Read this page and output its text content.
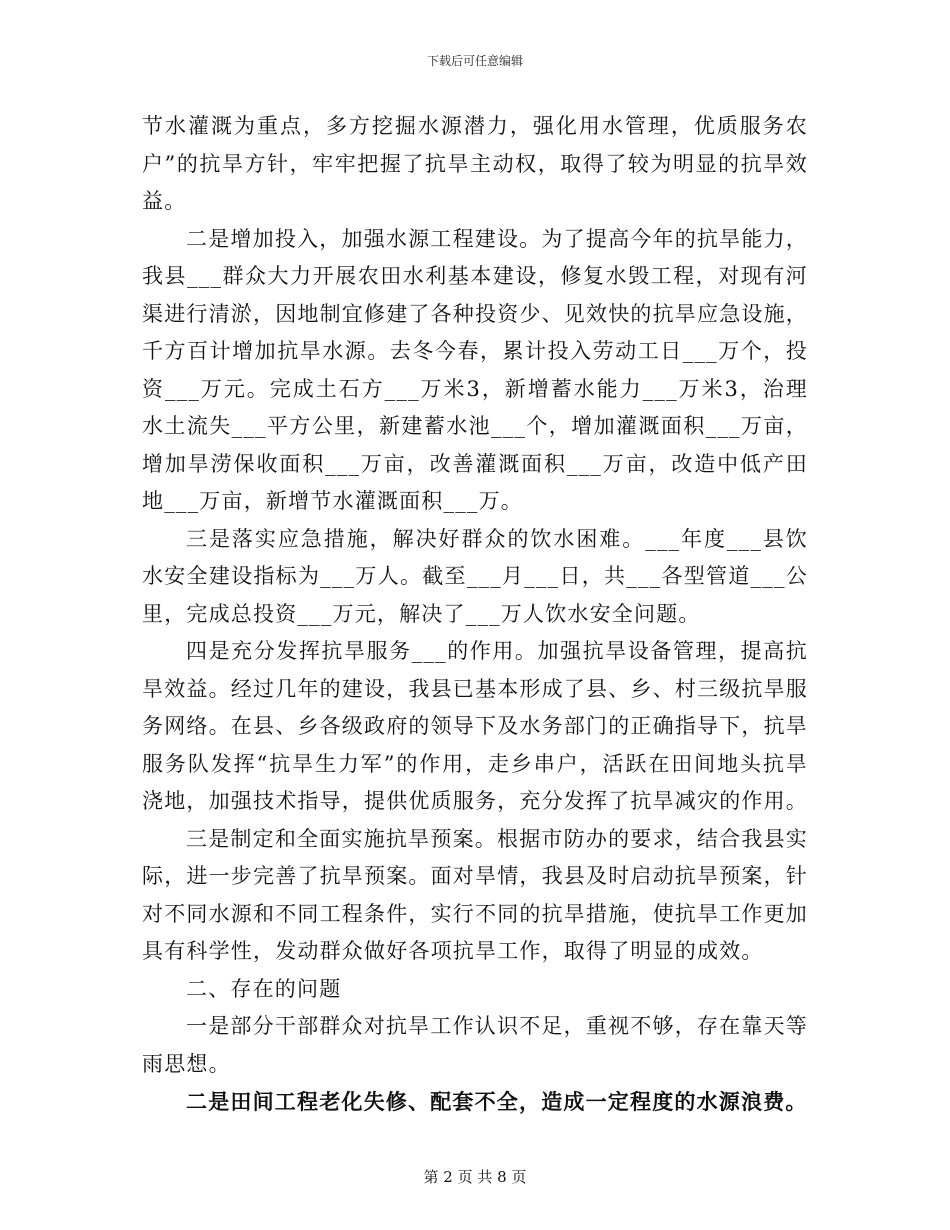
下载后可任意编辑

节水灌溉为重点，多方挖掘水源潜力，强化用水管理，优质服务农户”的抗旱方针，牢牢把握了抗旱主动权，取得了较为明显的抗旱效益。

二是增加投入，加强水源工程建设。为了提高今年的抗旱能力，我县___群众大力开展农田水利基本建设，修复水毁工程，对现有河渠进行清淤，因地制宜修建了各种投资少、见效快的抗旱应急设施，千方百计增加抗旱水源。去冬今春，累计投入劳动工日___万个，投资___万元。完成土石方___万米3，新增蓄水能力___万米3，治理水土流失___平方公里，新建蓄水池___个，增加灌溉面积___万亩，增加旱涝保收面积___万亩，改善灌溉面积___万亩，改造中低产田地___万亩，新增节水灌溉面积___万。

三是落实应急措施，解决好群众的饮水困难。___年度___县饮水安全建设指标为___万人。截至___月___日，共___各型管道___公里，完成总投资___万元，解决了___万人饮水安全问题。

四是充分发挥抗旱服务___的作用。加强抗旱设备管理，提高抗旱效益。经过几年的建设，我县已基本形成了县、乡、村三级抗旱服务网络。在县、乡各级政府的领导下及水务部门的正确指导下，抗旱服务队发挥“抗旱生力军”的作用，走乡串户，活跃在田间地头抗旱浇地，加强技术指导，提供优质服务，充分发挥了抗旱减灾的作用。

三是制定和全面实施抗旱预案。根据市防办的要求，结合我县实际，进一步完善了抗旱预案。面对旱情，我县及时启动抗旱预案，针对不同水源和不同工程条件，实行不同的抗旱措施，使抗旱工作更加具有科学性，发动群众做好各项抗旱工作，取得了明显的成效。

二、存在的问题

一是部分干部群众对抗旱工作认识不足，重视不够，存在靠天等雨思想。

二是田间工程老化失修、配套不全，造成一定程度的水源浪费。

第 2 页 共 8 页
